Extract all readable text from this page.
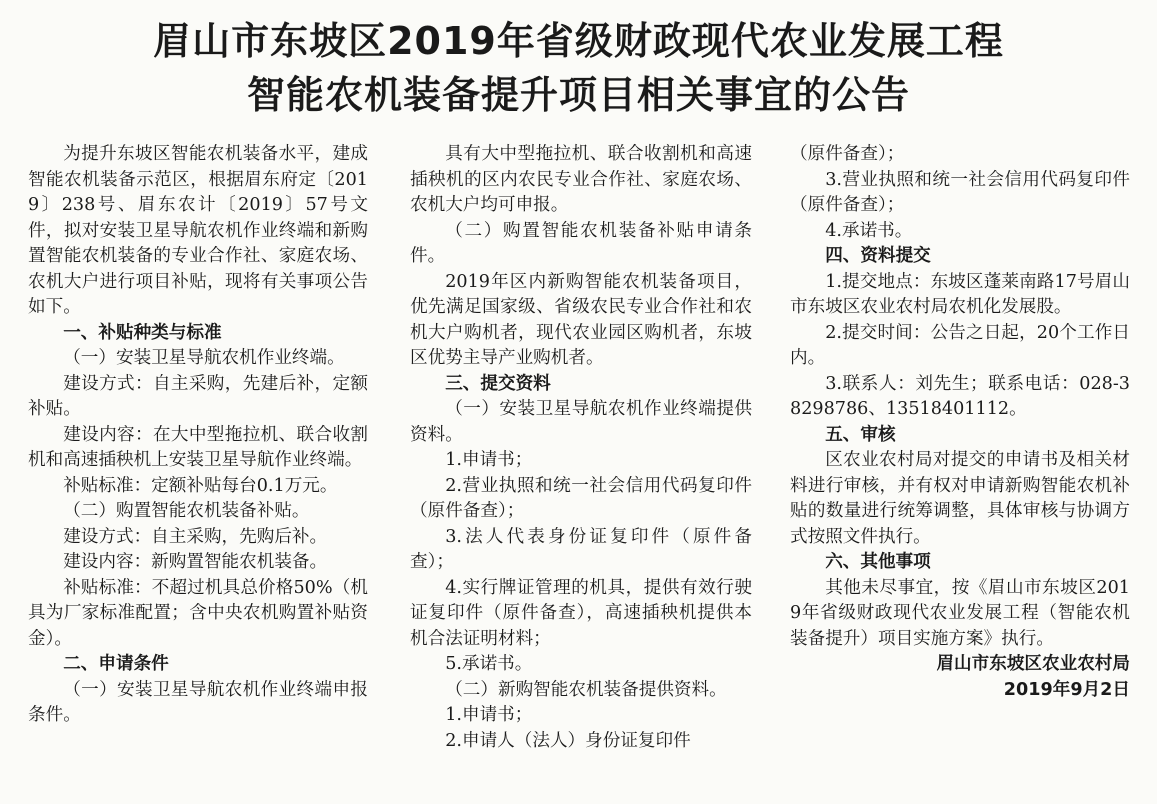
眉山市东坡区2019年省级财政现代农业发展工程
智能农机装备提升项目相关事宜的公告

为提升东坡区智能农机装备水平，建成智能农机装备示范区，根据眉东府定〔2019〕238号、眉东农计〔2019〕57号文件，拟对安装卫星导航农机作业终端和新购置智能农机装备的专业合作社、家庭农场、农机大户进行项目补贴，现将有关事项公告如下。

一、补贴种类与标准

（一）安装卫星导航农机作业终端。

建设方式：自主采购，先建后补，定额补贴。

建设内容：在大中型拖拉机、联合收割机和高速插秧机上安装卫星导航作业终端。

补贴标准：定额补贴每台0.1万元。

（二）购置智能农机装备补贴。

建设方式：自主采购，先购后补。

建设内容：新购置智能农机装备。

补贴标准：不超过机具总价格50%（机具为厂家标准配置；含中央农机购置补贴资金）。

二、申请条件

（一）安装卫星导航农机作业终端申报条件。

具有大中型拖拉机、联合收割机和高速插秧机的区内农民专业合作社、家庭农场、农机大户均可申报。

（二）购置智能农机装备补贴申请条件。

2019年区内新购智能农机装备项目，优先满足国家级、省级农民专业合作社和农机大户购机者，现代农业园区购机者，东坡区优势主导产业购机者。

三、提交资料

（一）安装卫星导航农机作业终端提供资料。

1.申请书；

2.营业执照和统一社会信用代码复印件（原件备查）；

3.法人代表身份证复印件（原件备查）；

4.实行牌证管理的机具，提供有效行驶证复印件（原件备查），高速插秧机提供本机合法证明材料；

5.承诺书。

（二）新购智能农机装备提供资料。

1.申请书；

2.申请人（法人）身份证复印件

（原件备查）；

3.营业执照和统一社会信用代码复印件（原件备查）；

4.承诺书。

四、资料提交

1.提交地点：东坡区蓬莱南路17号眉山市东坡区农业农村局农机化发展股。

2.提交时间：公告之日起，20个工作日内。

3.联系人：刘先生；联系电话：028-38298786、13518401112。

五、审核

区农业农村局对提交的申请书及相关材料进行审核，并有权对申请新购智能农机补贴的数量进行统筹调整，具体审核与协调方式按照文件执行。

六、其他事项

其他未尽事宜，按《眉山市东坡区2019年省级财政现代农业发展工程（智能农机装备提升）项目实施方案》执行。

眉山市东坡区农业农村局

2019年9月2日
